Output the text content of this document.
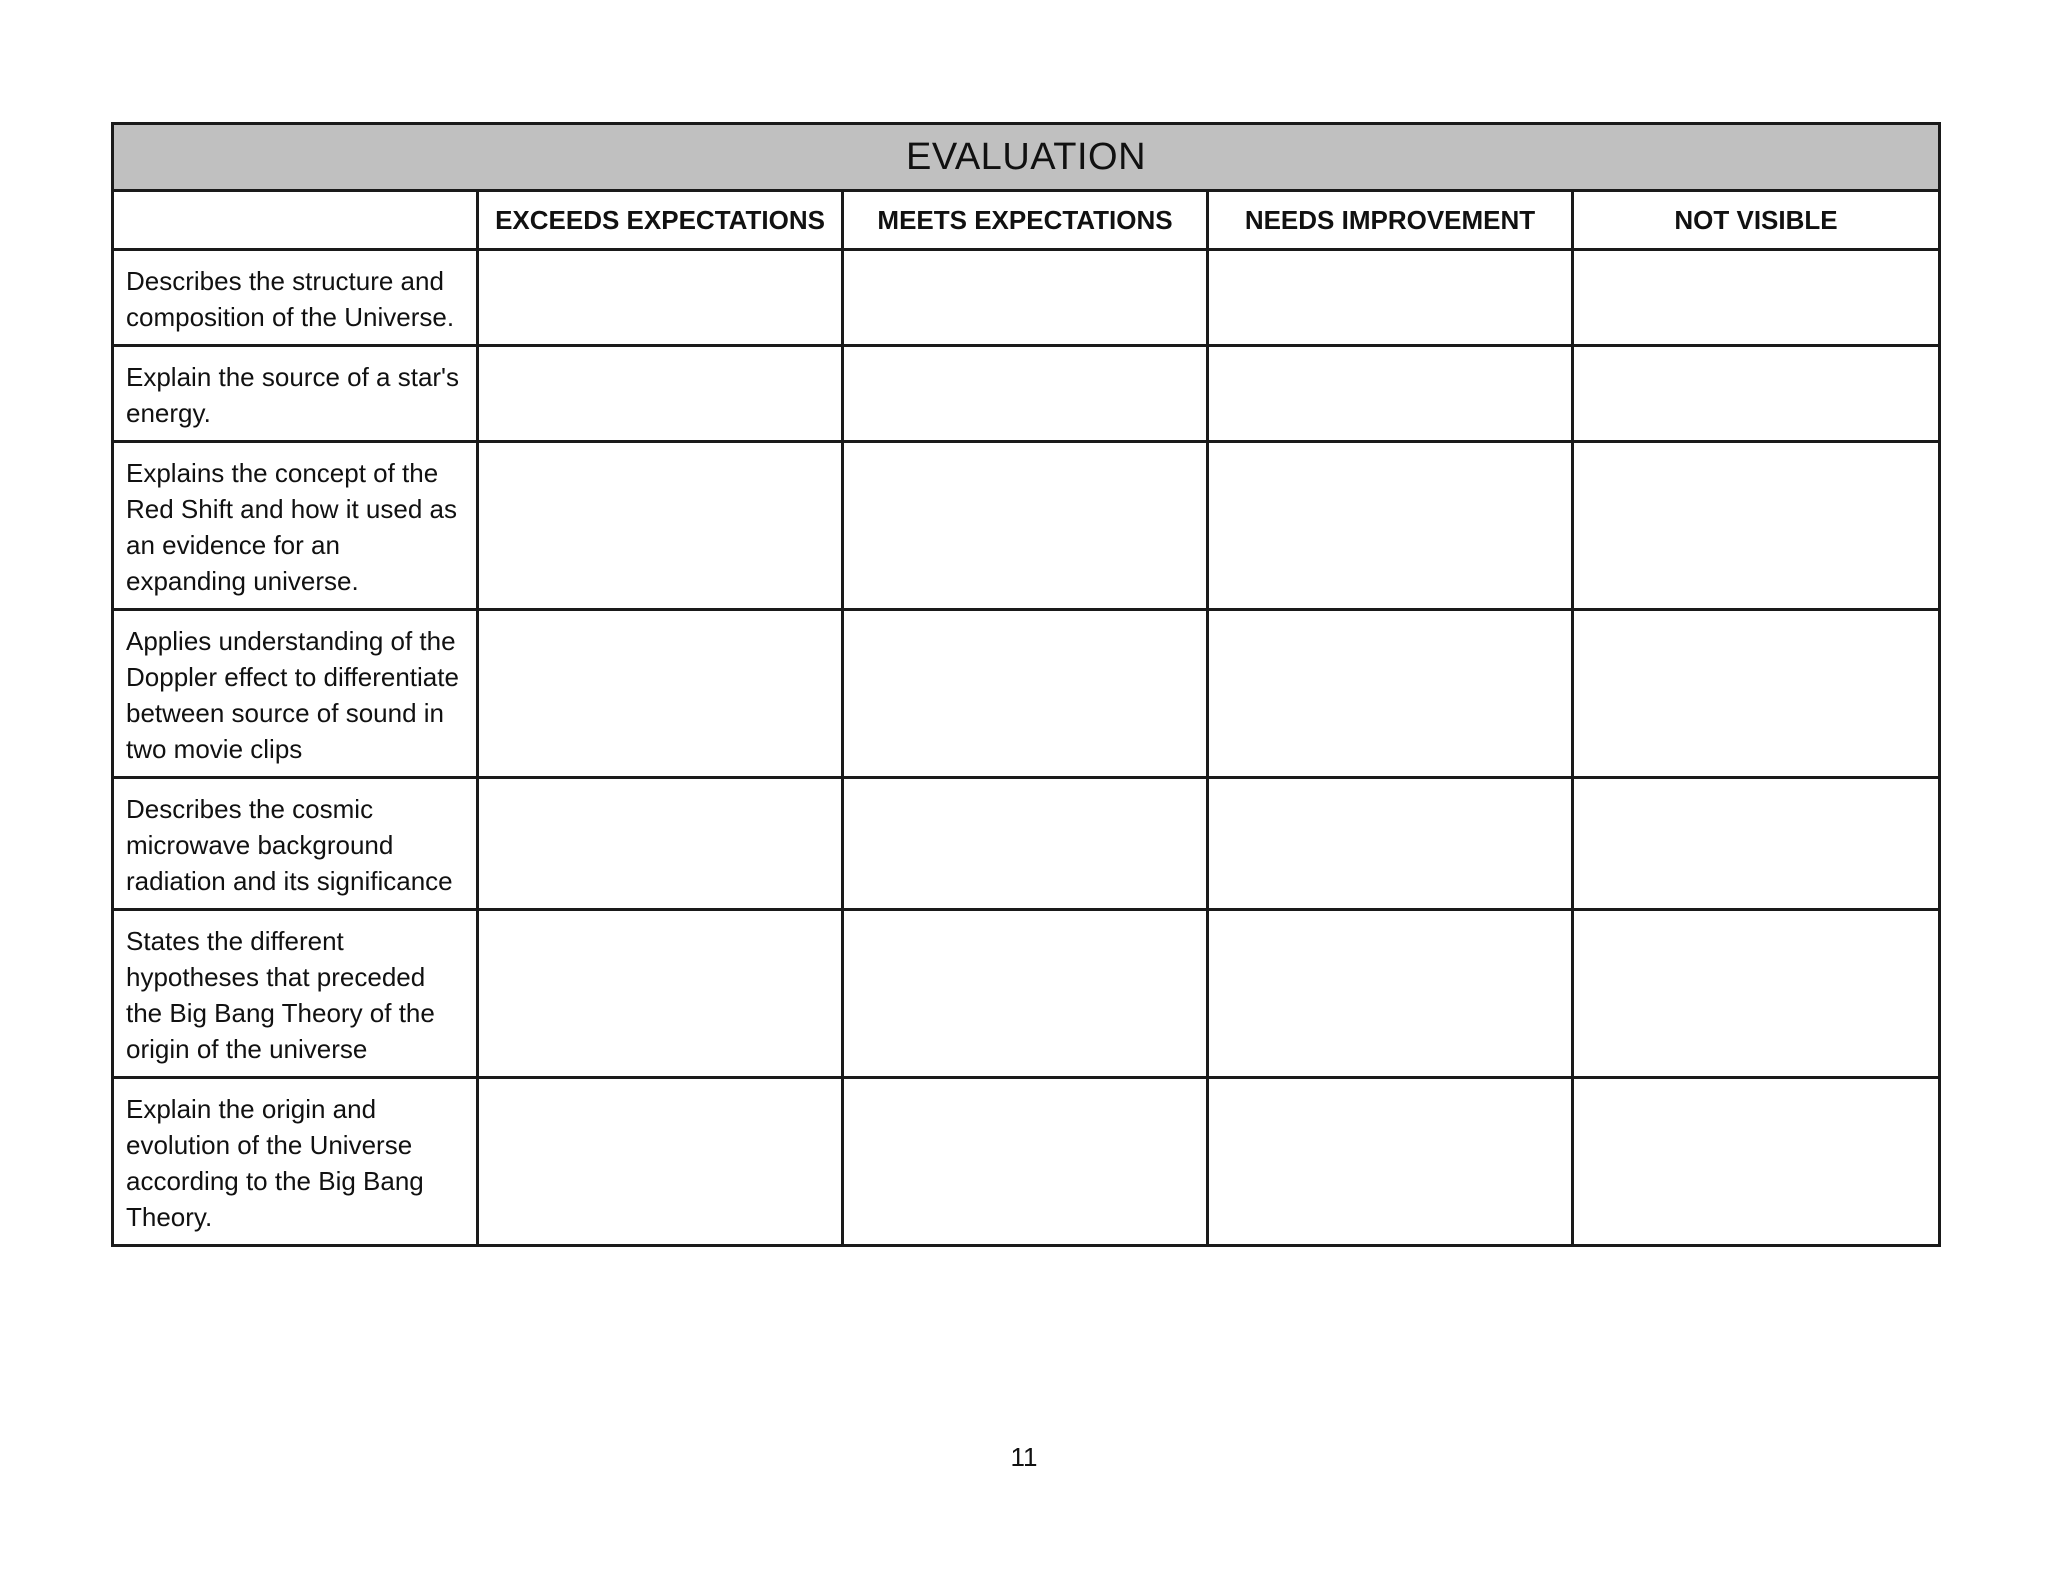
EVALUATION				
	EXCEEDS EXPECTATIONS	MEETS EXPECTATIONS	NEEDS IMPROVEMENT	NOT VISIBLE
Describes the structure and composition of the Universe.				
Explain the source of a star's energy.				
Explains the concept of the Red Shift and how it used as an evidence for an expanding universe.				
Applies understanding of the Doppler effect to differentiate between source of sound in two movie clips				
Describes the cosmic microwave background radiation and its significance				
States the different hypotheses that preceded the Big Bang Theory of the origin of the universe				
Explain the origin and evolution of the Universe according to the Big Bang Theory.				
11
